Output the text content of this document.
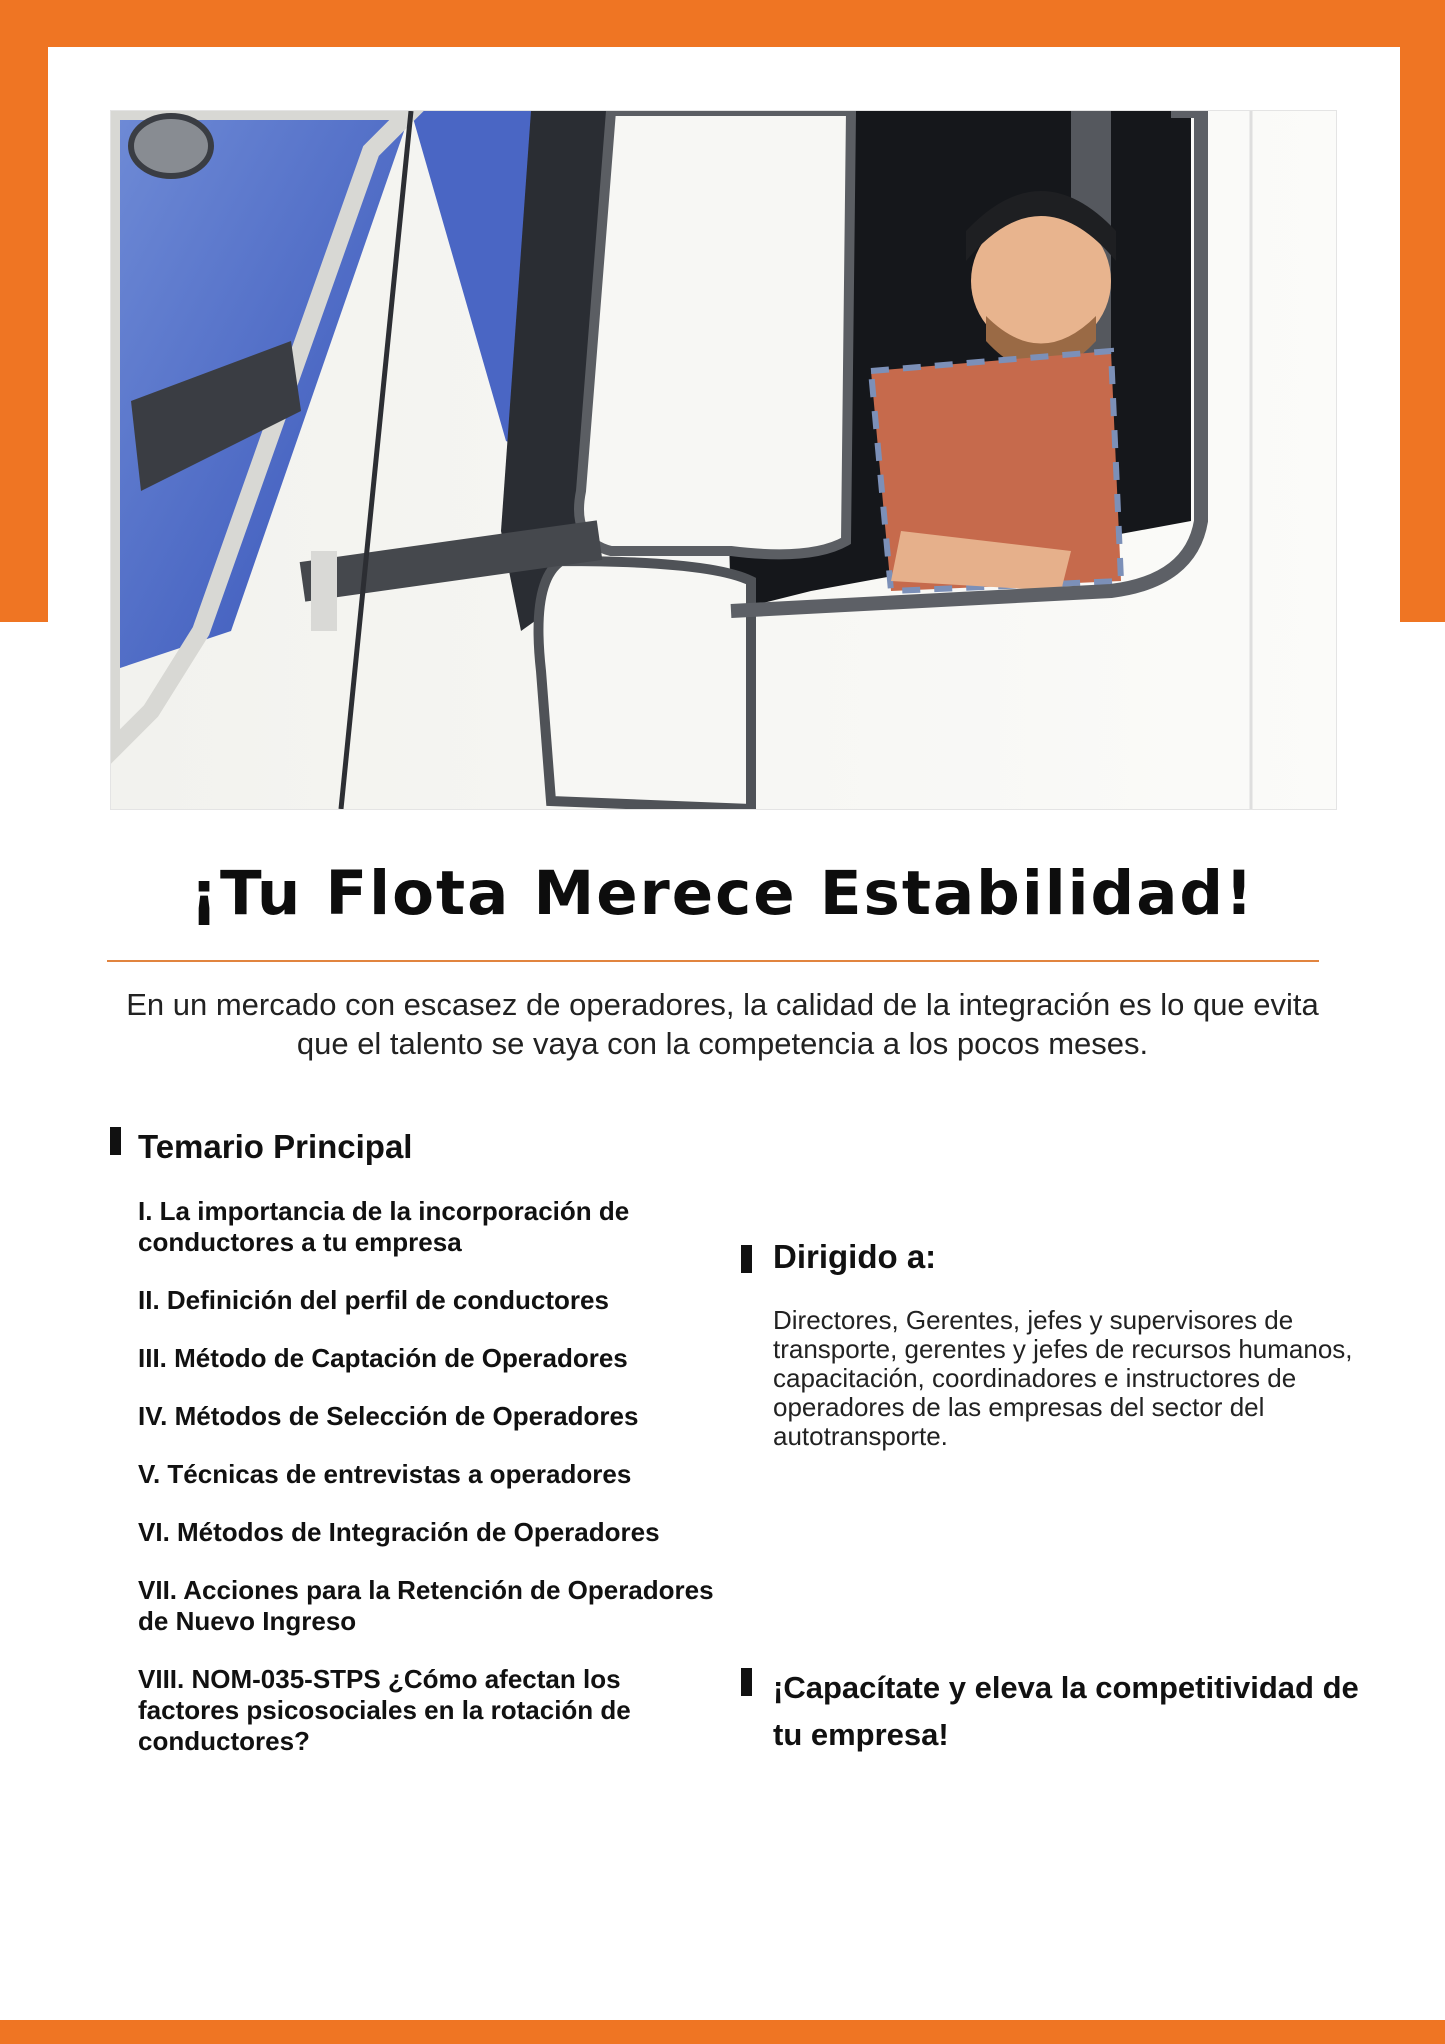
¡Tu Flota Merece Estabilidad!
En un mercado con escasez de operadores, la calidad de la integración es lo que evita que el talento se vaya con la competencia a los pocos meses.
Temario Principal
I. La importancia de la incorporación de conductores a tu empresa
II. Definición del perfil de conductores
III. Método de Captación de Operadores
IV. Métodos de Selección de Operadores
V. Técnicas de entrevistas a operadores
VI. Métodos de Integración de Operadores
VII. Acciones para la Retención de Operadores de Nuevo Ingreso
VIII. NOM-035-STPS ¿Cómo afectan los factores psicosociales en la rotación de conductores?
Dirigido a:
Directores, Gerentes, jefes y supervisores de transporte, gerentes y jefes de recursos humanos, capacitación, coordinadores e instructores de operadores de las empresas del sector del autotransporte.
¡Capacítate y eleva la competitividad de tu empresa!
